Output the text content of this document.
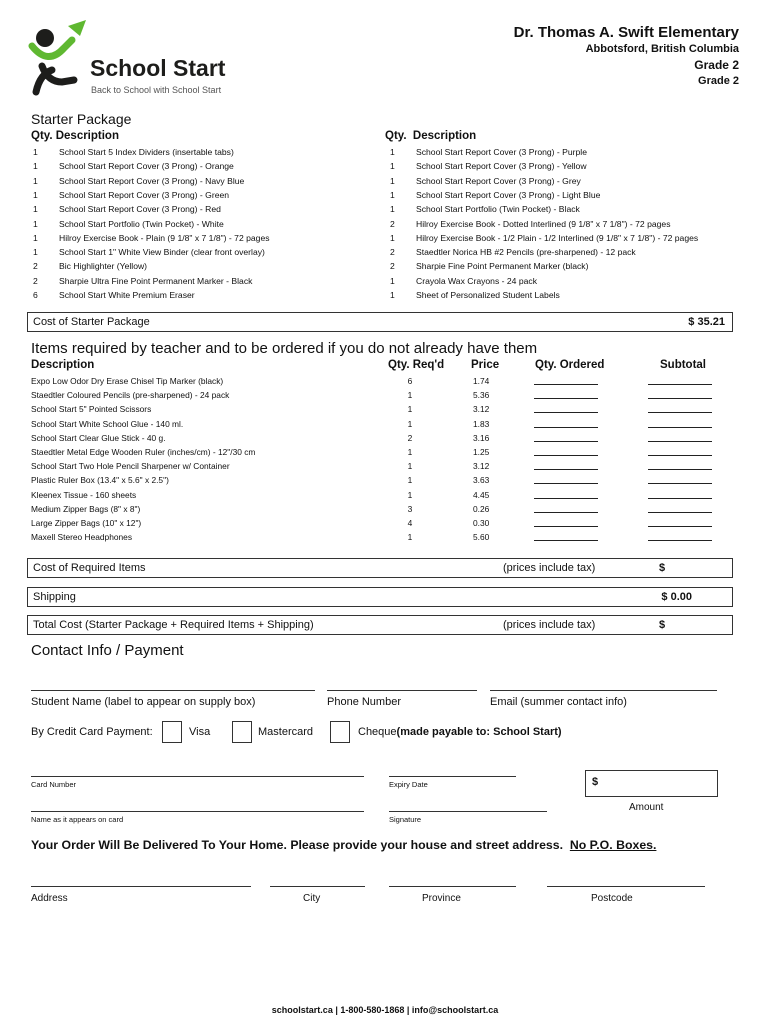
School Start
Back to School with School Start
Dr. Thomas A. Swift Elementary
Abbotsford, British Columbia
Grade 2
Grade 2
Starter Package
Qty. Description	Qty. Description
1	School Start 5 Index Dividers (insertable tabs)
1	School Start Report Cover (3 Prong) - Orange
1	School Start Report Cover (3 Prong) - Navy Blue
1	School Start Report Cover (3 Prong) - Green
1	School Start Report Cover (3 Prong) - Red
1	School Start Portfolio (Twin Pocket) - White
1	Hilroy Exercise Book - Plain (9 1/8" x 7 1/8") - 72 pages
1	School Start 1" White View Binder (clear front overlay)
2	Bic Highlighter (Yellow)
2	Sharpie Ultra Fine Point Permanent Marker - Black
6	School Start White Premium Eraser
1	School Start Report Cover (3 Prong) - Purple
1	School Start Report Cover (3 Prong) - Yellow
1	School Start Report Cover (3 Prong) - Grey
1	School Start Report Cover (3 Prong) - Light Blue
1	School Start Portfolio (Twin Pocket) - Black
2	Hilroy Exercise Book - Dotted Interlined (9 1/8" x 7 1/8") - 72 pages
1	Hilroy Exercise Book - 1/2 Plain - 1/2 Interlined (9 1/8" x 7 1/8") - 72 pages
2	Staedtler Norica HB #2 Pencils (pre-sharpened) - 12 pack
2	Sharpie Fine Point Permanent Marker (black)
1	Crayola Wax Crayons - 24 pack
1	Sheet of Personalized Student Labels
Cost of Starter Package	$ 35.21
Items required by teacher and to be ordered if you do not already have them
Description	Qty. Req'd Price	Qty. Ordered	Subtotal
Expo Low Odor Dry Erase Chisel Tip Marker (black)	6	1.74
Staedtler Coloured Pencils (pre-sharpened) - 24 pack	1	5.36
School Start 5" Pointed Scissors	1	3.12
School Start White School Glue - 140 ml.	1	1.83
School Start Clear Glue Stick - 40 g.	2	3.16
Staedtler Metal Edge Wooden Ruler (inches/cm) - 12"/30 cm	1	1.25
School Start Two Hole Pencil Sharpener w/ Container	1	3.12
Plastic Ruler Box (13.4" x 5.6" x 2.5")	1	3.63
Kleenex Tissue - 160 sheets	1	4.45
Medium Zipper Bags (8" x 8")	3	0.26
Large Zipper Bags (10" x 12")	4	0.30
Maxell Stereo Headphones	1	5.60
Cost of Required Items	(prices include tax)	$
Shipping	$ 0.00
Total Cost (Starter Package + Required Items + Shipping)	(prices include tax)	$
Contact Info / Payment
Student Name (label to appear on supply box)	Phone Number	Email (summer contact info)
By Credit Card Payment:	Visa	Mastercard	Cheque(made payable to: School Start)
Card Number	Expiry Date	$
Amount
Name as it appears on card	Signature
Your Order Will Be Delivered To Your Home. Please provide your house and street address. No P.O. Boxes.
Address	City	Province	Postcode
schoolstart.ca | 1-800-580-1868 | info@schoolstart.ca
